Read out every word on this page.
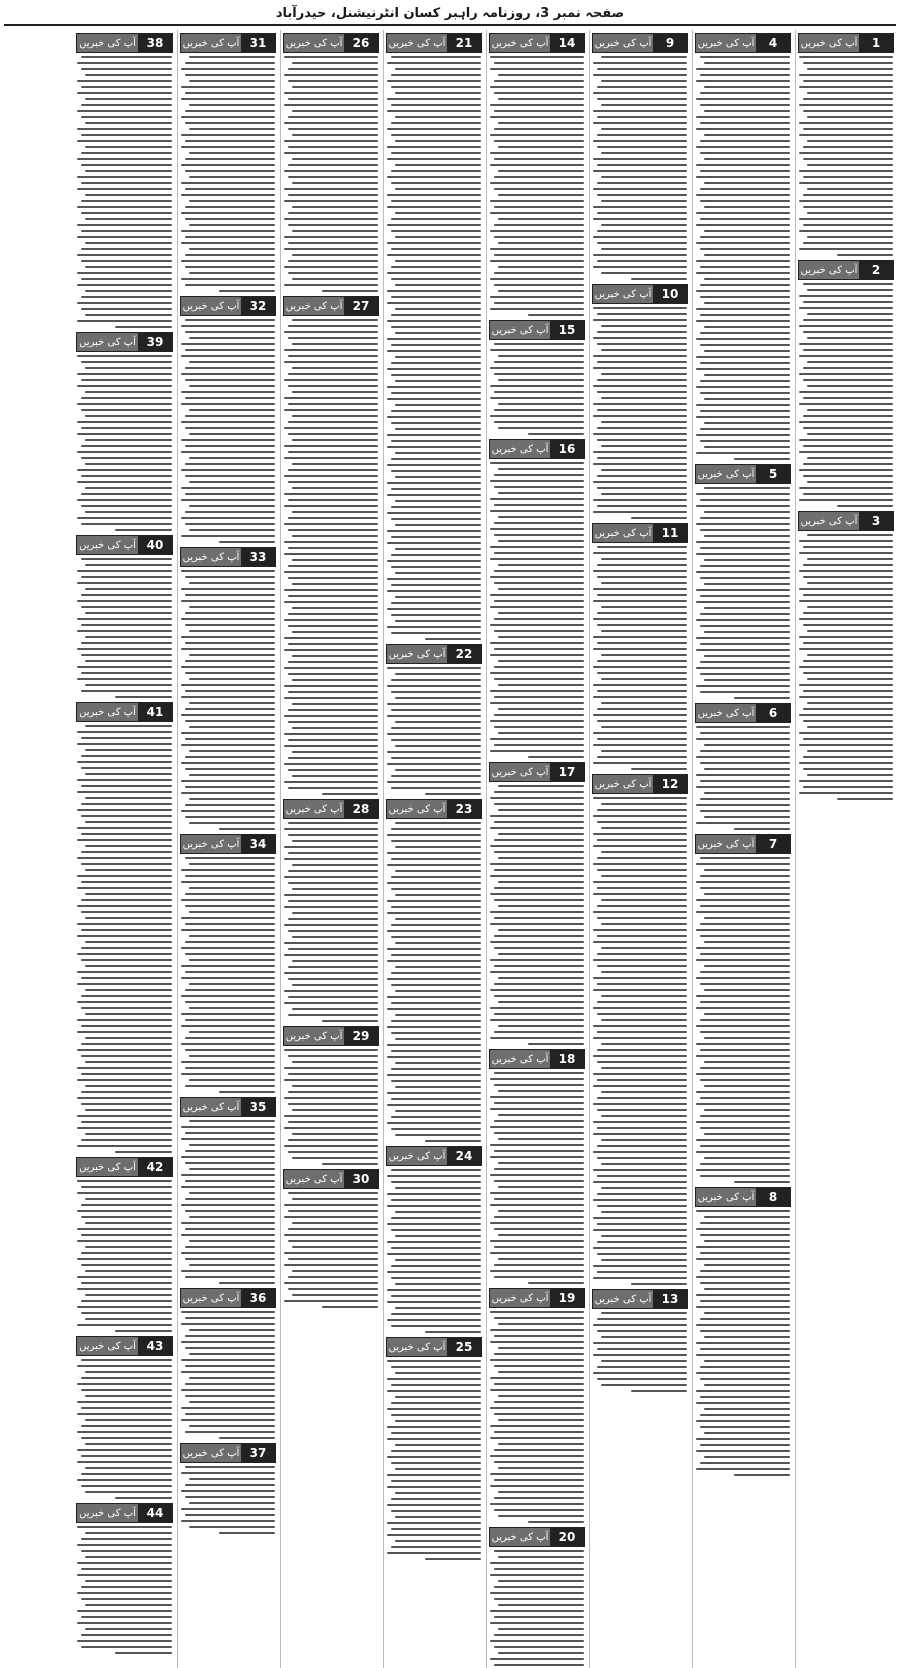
صفحہ نمبر 3، روزنامہ راہبر کسان انٹرنیشنل، حیدرآباد
1
آپ کی خبریں
2
آپ کی خبریں
3
آپ کی خبریں
4
آپ کی خبریں
5
آپ کی خبریں
6
آپ کی خبریں
7
آپ کی خبریں
8
آپ کی خبریں
9
آپ کی خبریں
10
آپ کی خبریں
11
آپ کی خبریں
12
آپ کی خبریں
13
آپ کی خبریں
14
آپ کی خبریں
15
آپ کی خبریں
16
آپ کی خبریں
17
آپ کی خبریں
18
آپ کی خبریں
19
آپ کی خبریں
20
آپ کی خبریں
21
آپ کی خبریں
22
آپ کی خبریں
23
آپ کی خبریں
24
آپ کی خبریں
25
آپ کی خبریں
26
آپ کی خبریں
27
آپ کی خبریں
28
آپ کی خبریں
29
آپ کی خبریں
30
آپ کی خبریں
31
آپ کی خبریں
32
آپ کی خبریں
33
آپ کی خبریں
34
آپ کی خبریں
35
آپ کی خبریں
36
آپ کی خبریں
37
آپ کی خبریں
38
آپ کی خبریں
39
آپ کی خبریں
40
آپ کی خبریں
41
آپ کی خبریں
42
آپ کی خبریں
43
آپ کی خبریں
44
آپ کی خبریں
